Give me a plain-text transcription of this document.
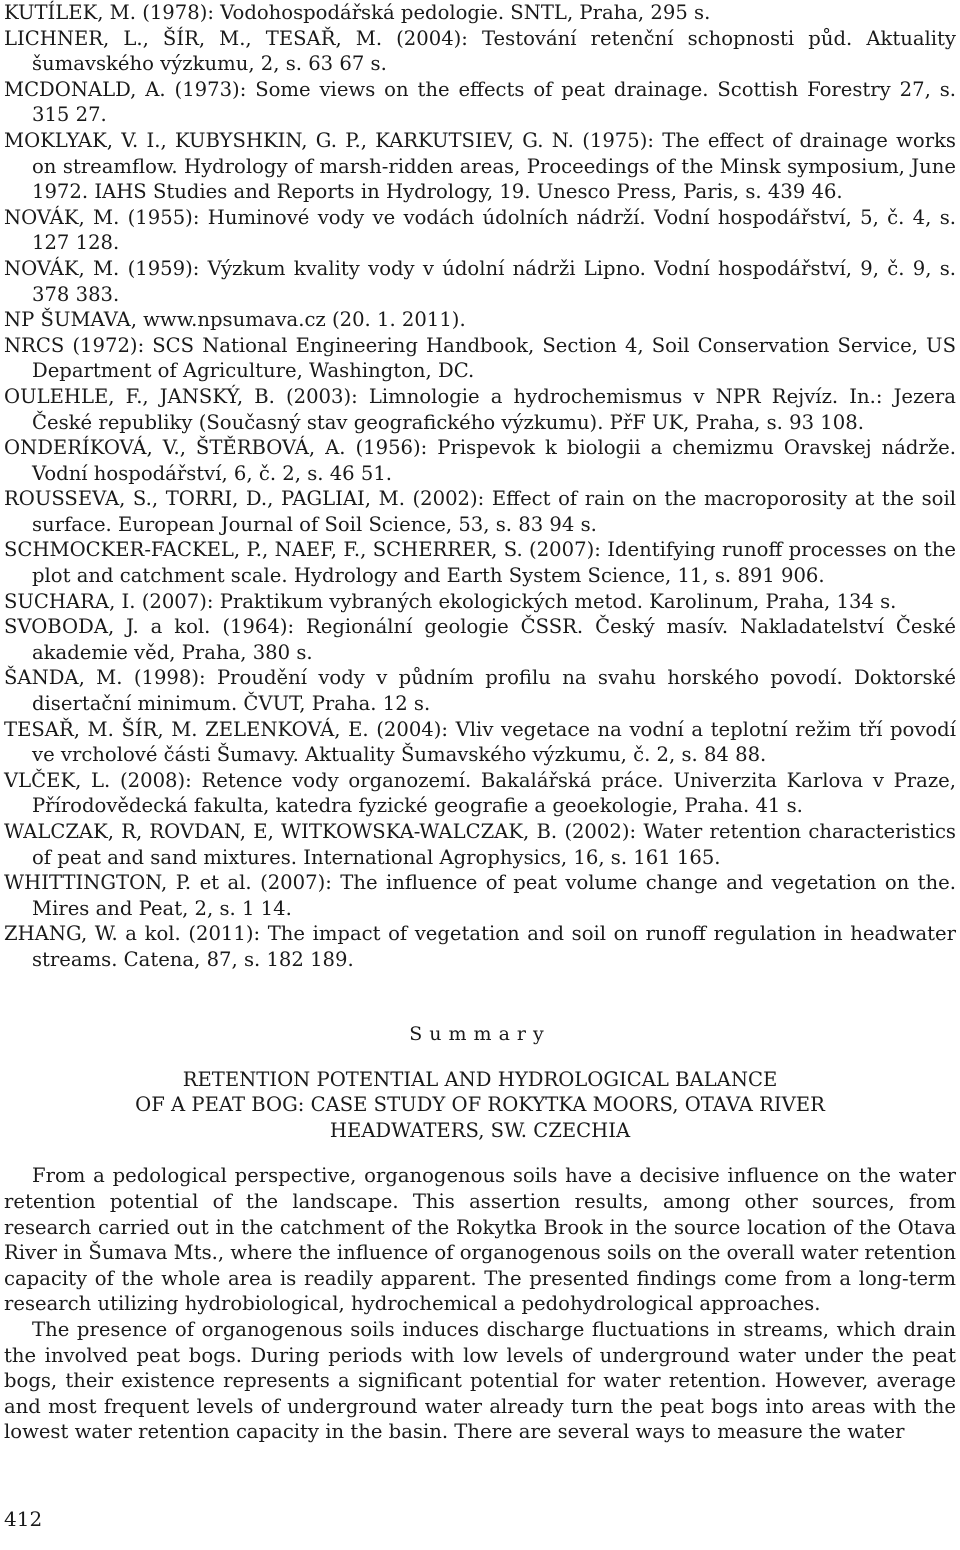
KUTÍLEK, M. (1978): Vodohospodářská pedologie. SNTL, Praha, 295 s.
LICHNER, L., ŠÍR, M., TESAŘ, M. (2004): Testování retenční schopnosti půd. Aktuality šumavského výzkumu, 2, s. 63 67 s.
MCDONALD, A. (1973): Some views on the effects of peat drainage. Scottish Forestry 27, s. 315 27.
MOKLYAK, V. I., KUBYSHKIN, G. P., KARKUTSIEV, G. N. (1975): The effect of drainage works on streamflow. Hydrology of marsh-ridden areas, Proceedings of the Minsk symposium, June 1972. IAHS Studies and Reports in Hydrology, 19. Unesco Press, Paris, s. 439 46.
NOVÁK, M. (1955): Huminové vody ve vodách údolních nádrží. Vodní hospodářství, 5, č. 4, s. 127 128.
NOVÁK, M. (1959): Výzkum kvality vody v údolní nádrži Lipno. Vodní hospodářství, 9, č. 9, s. 378 383.
NP ŠUMAVA, www.npsumava.cz (20. 1. 2011).
NRCS (1972): SCS National Engineering Handbook, Section 4, Soil Conservation Service, US Department of Agriculture, Washington, DC.
OULEHLE, F., JANSKÝ, B. (2003): Limnologie a hydrochemismus v NPR Rejvíz. In.: Jezera České republiky (Současný stav geografického výzkumu). PřF UK, Praha, s. 93 108.
ONDERÍKOVÁ, V., ŠTĚRBOVÁ, A. (1956): Prispevok k biologii a chemizmu Oravskej nádrže. Vodní hospodářství, 6, č. 2, s. 46 51.
ROUSSEVA, S., TORRI, D., PAGLIAI, M. (2002): Effect of rain on the macroporosity at the soil surface. European Journal of Soil Science, 53, s. 83 94 s.
SCHMOCKER-FACKEL, P., NAEF, F., SCHERRER, S. (2007): Identifying runoff processes on the plot and catchment scale. Hydrology and Earth System Science, 11, s. 891 906.
SUCHARA, I. (2007): Praktikum vybraných ekologických metod. Karolinum, Praha, 134 s.
SVOBODA, J. a kol. (1964): Regionální geologie ČSSR. Český masív. Nakladatelství České akademie věd, Praha, 380 s.
ŠANDA, M. (1998): Proudění vody v půdním profilu na svahu horského povodí. Doktorské disertační minimum. ČVUT, Praha. 12 s.
TESAŘ, M. ŠÍR, M. ZELENKOVÁ, E. (2004): Vliv vegetace na vodní a teplotní režim tří povodí ve vrcholové části Šumavy. Aktuality Šumavského výzkumu, č. 2, s. 84 88.
VLČEK, L. (2008): Retence vody organozemí. Bakalářská práce. Univerzita Karlova v Praze, Přírodovědecká fakulta, katedra fyzické geografie a geoekologie, Praha. 41 s.
WALCZAK, R, ROVDAN, E, WITKOWSKA-WALCZAK, B. (2002): Water retention characteristics of peat and sand mixtures. International Agrophysics, 16, s. 161 165.
WHITTINGTON, P. et al. (2007): The influence of peat volume change and vegetation on the. Mires and Peat, 2, s. 1 14.
ZHANG, W. a kol. (2011): The impact of vegetation and soil on runoff regulation in headwater streams. Catena, 87, s. 182 189.
Summary
RETENTION POTENTIAL AND HYDROLOGICAL BALANCE
OF A PEAT BOG: CASE STUDY OF ROKYTKA MOORS, OTAVA RIVER
HEADWATERS, SW. CZECHIA

From a pedological perspective, organogenous soils have a decisive influence on the water retention potential of the landscape. This assertion results, among other sources, from research carried out in the catchment of the Rokytka Brook in the source location of the Otava River in Šumava Mts., where the influence of organogenous soils on the overall water retention capacity of the whole area is readily apparent. The presented findings come from a long-term research utilizing hydrobiological, hydrochemical a pedohydrological approaches.

The presence of organogenous soils induces discharge fluctuations in streams, which drain the involved peat bogs. During periods with low levels of underground water under the peat bogs, their existence represents a significant potential for water retention. However, average and most frequent levels of underground water already turn the peat bogs into areas with the lowest water retention capacity in the basin. There are several ways to measure the water

412
